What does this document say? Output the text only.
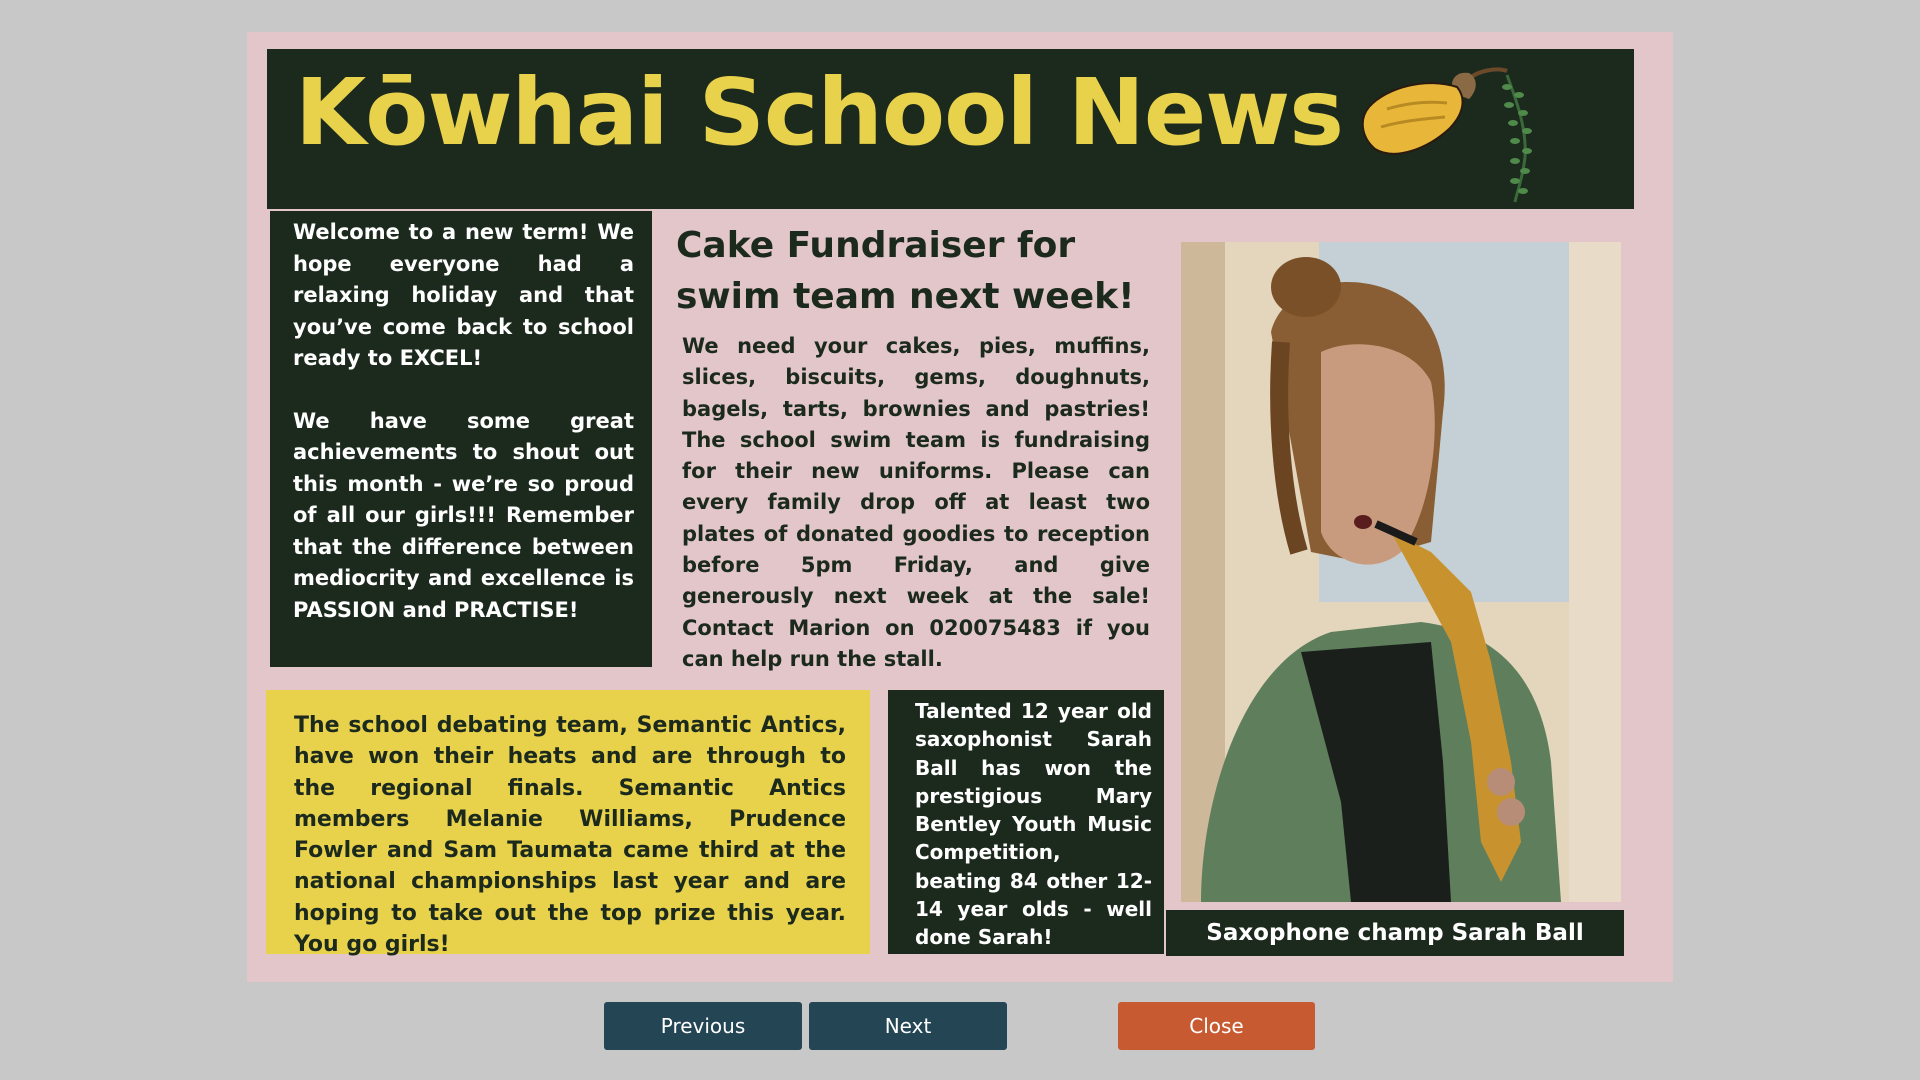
Kōwhai School News

Welcome to a new term! We hope everyone had a relaxing holiday and that you’ve come back to school ready to EXCEL!

We have some great achievements to shout out this month - we’re so proud of all our girls!!! Remember that the difference between mediocrity and excellence is PASSION and PRACTISE!

Cake Fundraiser for swim team next week!

We need your cakes, pies, muffins, slices, biscuits, gems, doughnuts, bagels, tarts, brownies and pastries! The school swim team is fundraising for their new uniforms. Please can every family drop off at least two plates of donated goodies to reception before 5pm Friday, and give generously next week at the sale! Contact Marion on 020075483 if you can help run the stall.

Saxophone champ Sarah Ball

The school debating team, Semantic Antics, have won their heats and are through to the regional finals. Semantic Antics members Melanie Williams, Prudence Fowler and Sam Taumata came third at the national championships last year and are hoping to take out the top prize this year. You go girls!

Talented 12 year old saxophonist Sarah Ball has won the prestigious Mary Bentley Youth Music Competition, beating 84 other 12-14 year olds - well done Sarah!

Previous	Next	Close
